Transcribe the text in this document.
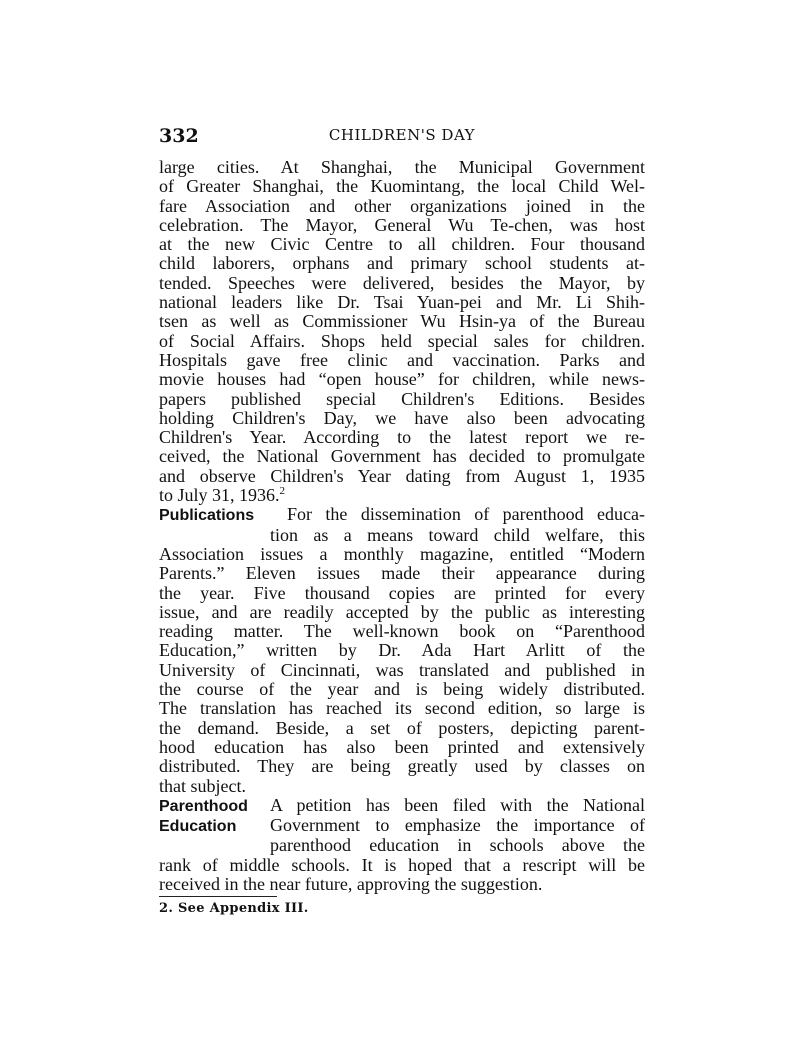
332	CHILDREN'S DAY
large cities. At Shanghai, the Municipal Government
of Greater Shanghai, the Kuomintang, the local Child Wel-
fare Association and other organizations joined in the
celebration. The Mayor, General Wu Te-chen, was host
at the new Civic Centre to all children. Four thousand
child laborers, orphans and primary school students at-
tended. Speeches were delivered, besides the Mayor, by
national leaders like Dr. Tsai Yuan-pei and Mr. Li Shih-
tsen as well as Commissioner Wu Hsin-ya of the Bureau
of Social Affairs. Shops held special sales for children.
Hospitals gave free clinic and vaccination. Parks and
movie houses had “open house” for children, while news-
papers published special Children's Editions. Besides
holding Children's Day, we have also been advocating
Children's Year. According to the latest report we re-
ceived, the National Government has decided to promulgate
and observe Children's Year dating from August 1, 1935
to July 31, 1936.$^2$
Publications For the dissemination of parenthood educa-
tion as a means toward child welfare, this
Association issues a monthly magazine, entitled “Modern
Parents.” Eleven issues made their appearance during
the year. Five thousand copies are printed for every
issue, and are readily accepted by the public as interesting
reading matter. The well-known book on “Parenthood
Education,” written by Dr. Ada Hart Arlitt of the
University of Cincinnati, was translated and published in
the course of the year and is being widely distributed.
The translation has reached its second edition, so large is
the demand. Beside, a set of posters, depicting parent-
hood education has also been printed and extensively
distributed. They are being greatly used by classes on
that subject.
Parenthood A petition has been filed with the National
Education Government to emphasize the importance of
parenthood education in schools above the
rank of middle schools. It is hoped that a rescript will be
received in the near future, approving the suggestion.
2. See Appendix III.
